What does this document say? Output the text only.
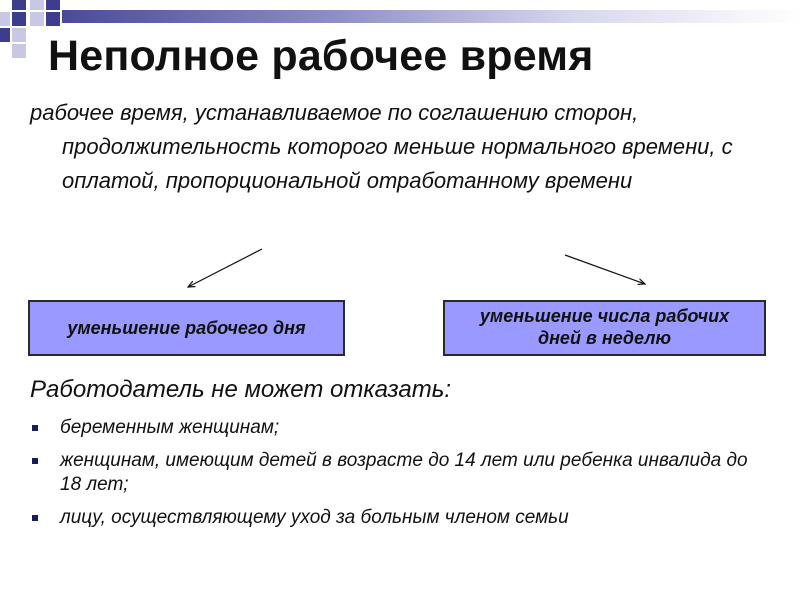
Неполное рабочее время
рабочее время, устанавливаемое по соглашению сторон, продолжительность которого меньше нормального времени, с оплатой, пропорциональной отработанному времени
уменьшение рабочего дня
уменьшение числа рабочих
дней в неделю
Работодатель не может отказать:
беременным женщинам;
женщинам, имеющим детей в возрасте до 14 лет или ребенка инвалида до 18 лет;
лицу, осуществляющему уход за больным членом семьи
